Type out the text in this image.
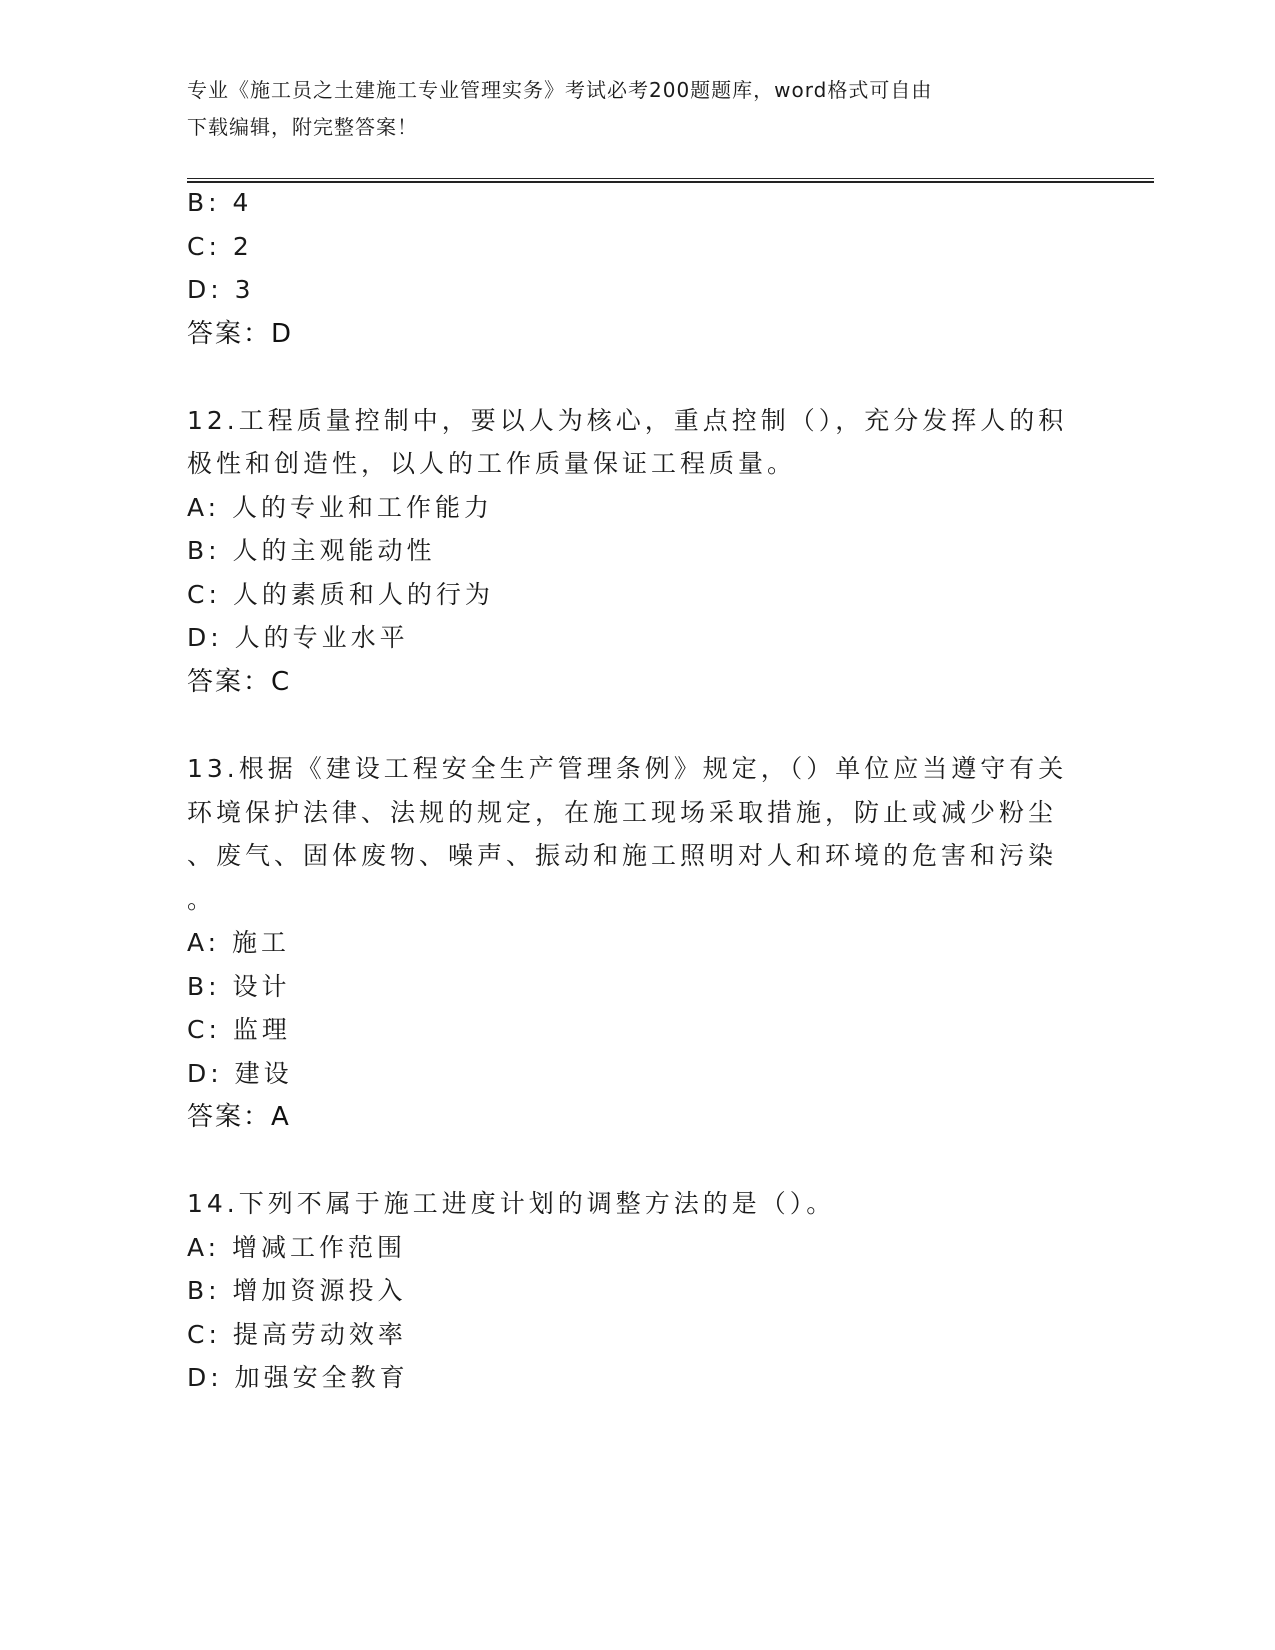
专业《施工员之土建施工专业管理实务》考试必考200题题库，word格式可自由
下载编辑，附完整答案！
B: 4
C: 2
D: 3
答案：D
12.工程质量控制中，要以人为核心，重点控制（），充分发挥人的积
极性和创造性，以人的工作质量保证工程质量。
A: 人的专业和工作能力
B: 人的主观能动性
C: 人的素质和人的行为
D: 人的专业水平
答案：C
13.根据《建设工程安全生产管理条例》规定，（）单位应当遵守有关
环境保护法律、法规的规定，在施工现场采取措施，防止或减少粉尘
、废气、固体废物、噪声、振动和施工照明对人和环境的危害和污染
。
A: 施工
B: 设计
C: 监理
D: 建设
答案：A
14.下列不属于施工进度计划的调整方法的是（）。
A: 增减工作范围
B: 增加资源投入
C: 提高劳动效率
D: 加强安全教育
